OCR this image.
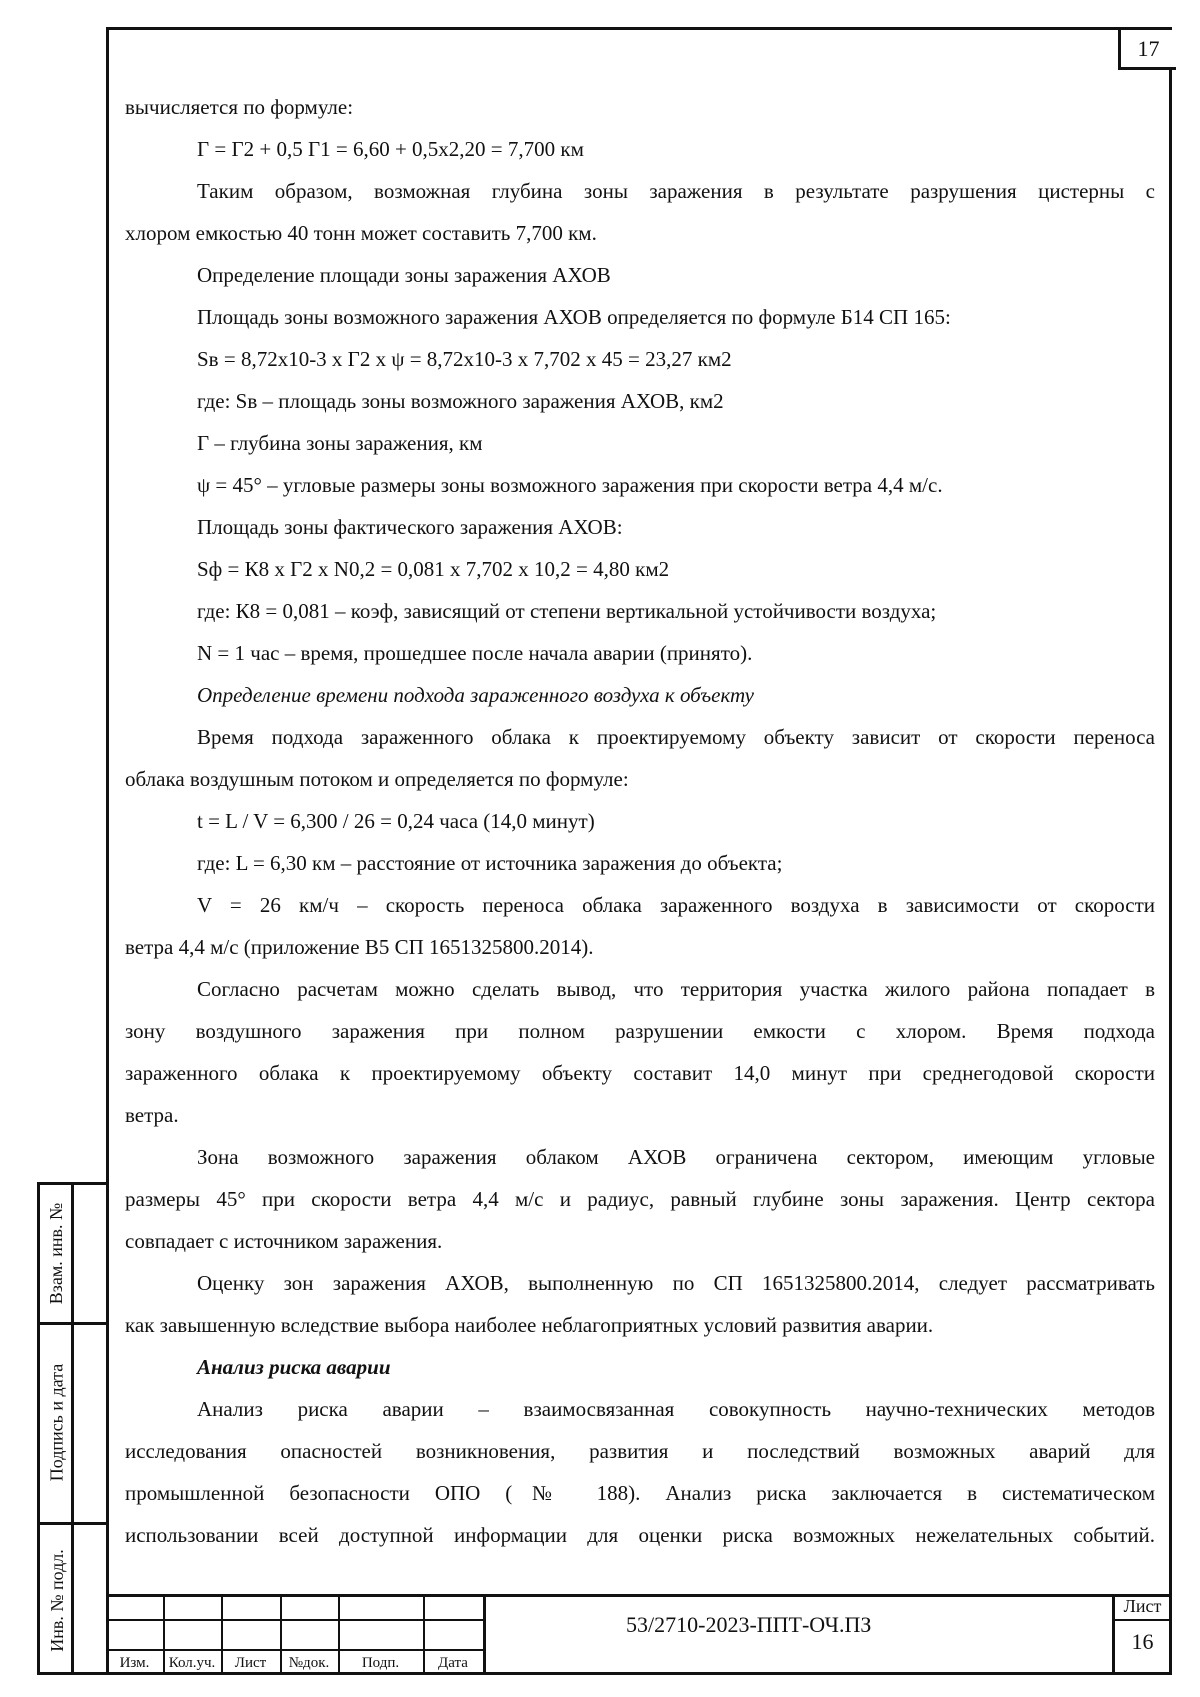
17
Взам. инв. №
Подпись и дата
Инв. № подл.
вычисляется по формуле:
Г = Г2 + 0,5 Г1 = 6,60 + 0,5х2,20 = 7,700 км
Таким образом, возможная глубина зоны заражения в результате разрушения цистерны с
хлором емкостью 40 тонн может составить 7,700 км.
Определение площади зоны заражения АХОВ
Площадь зоны возможного заражения АХОВ определяется по формуле Б14 СП 165:
Sв = 8,72х10-3 х Г2 х ψ = 8,72х10-3 х 7,702 х 45 = 23,27 км2
где: Sв – площадь зоны возможного заражения АХОВ, км2
Г – глубина зоны заражения, км
ψ = 45° – угловые размеры зоны возможного заражения при скорости ветра 4,4 м/с.
Площадь зоны фактического заражения АХОВ:
Sф = К8 х Г2 х N0,2 = 0,081 х 7,702 х 10,2 = 4,80 км2
где: К8 = 0,081 – коэф, зависящий от степени вертикальной устойчивости воздуха;
N = 1 час – время, прошедшее после начала аварии (принято).
Определение времени подхода зараженного воздуха к объекту
Время подхода зараженного облака к проектируемому объекту зависит от скорости переноса
облака воздушным потоком и определяется по формуле:
t = L / V = 6,300 / 26 = 0,24 часа (14,0 минут)
где: L = 6,30 км – расстояние от источника заражения до объекта;
V = 26 км/ч – скорость переноса облака зараженного воздуха в зависимости от скорости
ветра 4,4 м/с (приложение В5 СП 1651325800.2014).
Согласно расчетам можно сделать вывод, что территория участка жилого района попадает в
зону воздушного заражения при полном разрушении емкости с хлором. Время подхода
зараженного облака к проектируемому объекту составит 14,0 минут при среднегодовой скорости
ветра.
Зона возможного заражения облаком АХОВ ограничена сектором, имеющим угловые
размеры 45° при скорости ветра 4,4 м/с и радиус, равный глубине зоны заражения. Центр сектора
совпадает с источником заражения.
Оценку зон заражения АХОВ, выполненную по СП 1651325800.2014, следует рассматривать
как завышенную вследствие выбора наиболее неблагоприятных условий развития аварии.
Анализ риска аварии
Анализ риска аварии – взаимосвязанная совокупность научно-технических методов
исследования опасностей возникновения, развития и последствий возможных аварий для
промышленной безопасности ОПО (№ 188). Анализ риска заключается в систематическом
использовании всей доступной информации для оценки риска возможных нежелательных событий.
Изм.	Кол.уч.	Лист	№док.	Подп.	Дата
53/2710-2023-ППТ-ОЧ.ПЗ
Лист
16
